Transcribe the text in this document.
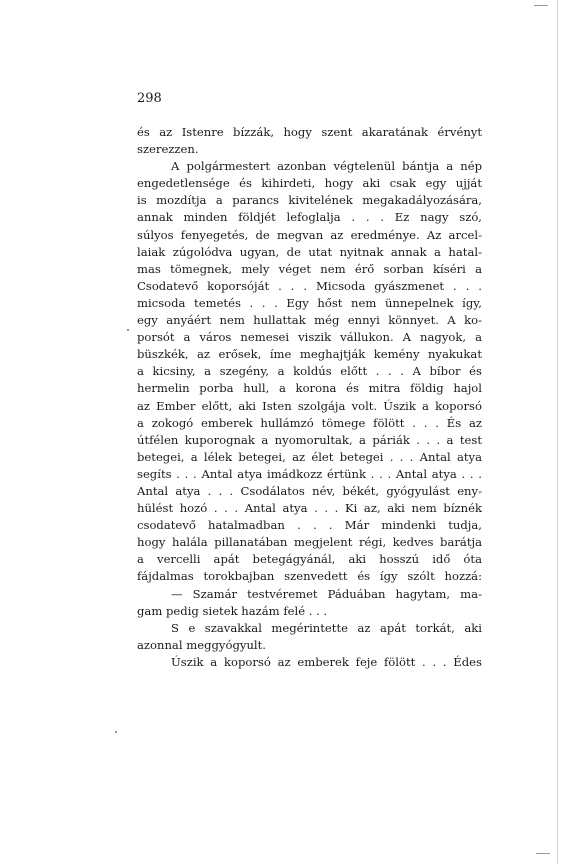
298
és az Istenre bízzák, hogy szent akaratának érvényt
szerezzen.
A polgármestert azonban végtelenül bántja a nép
engedetlensége és kihirdeti, hogy aki csak egy ujját
is mozdítja a parancs kivitelének megakadályozására,
annak minden földjét lefoglalja . . . Ez nagy szó,
súlyos fenyegetés, de megvan az eredménye. Az arcel-
laiak zúgolódva ugyan, de utat nyitnak annak a hatal-
mas tömegnek, mely véget nem érő sorban kíséri a
Csodatevő koporsóját . . . Micsoda gyászmenet . . .
micsoda temetés . . . Egy hőst nem ünnepelnek így,
egy anyáért nem hullattak még ennyi könnyet. A ko-
porsót a város nemesei viszik vállukon. A nagyok, a
büszkék, az erősek, íme meghajtják kemény nyakukat
a kicsiny, a szegény, a koldús előtt . . . A bíbor és
hermelin porba hull, a korona és mitra földig hajol
az Ember előtt, aki Isten szolgája volt. Úszik a koporsó
a zokogó emberek hullámzó tömege fölött . . . És az
útfélen kuporognak a nyomorultak, a páriák . . . a test
betegei, a lélek betegei, az élet betegei . . . Antal atya
segíts . . . Antal atya imádkozz értünk . . . Antal atya . . .
Antal atya . . . Csodálatos név, békét, gyógyulást eny-
hülést hozó . . . Antal atya . . . Ki az, aki nem bíznék
csodatevő hatalmadban . . . Már mindenki tudja,
hogy halála pillanatában megjelent régi, kedves barátja
a vercelli apát betegágyánál, aki hosszú idő óta
fájdalmas torokbajban szenvedett és így szólt hozzá:
— Szamár testvéremet Páduában hagytam, ma-
gam pedig sietek hazám felé . . .
S e szavakkal megérintette az apát torkát, aki
azonnal meggyógyult.
Úszik a koporsó az emberek feje fölött . . . Édes
